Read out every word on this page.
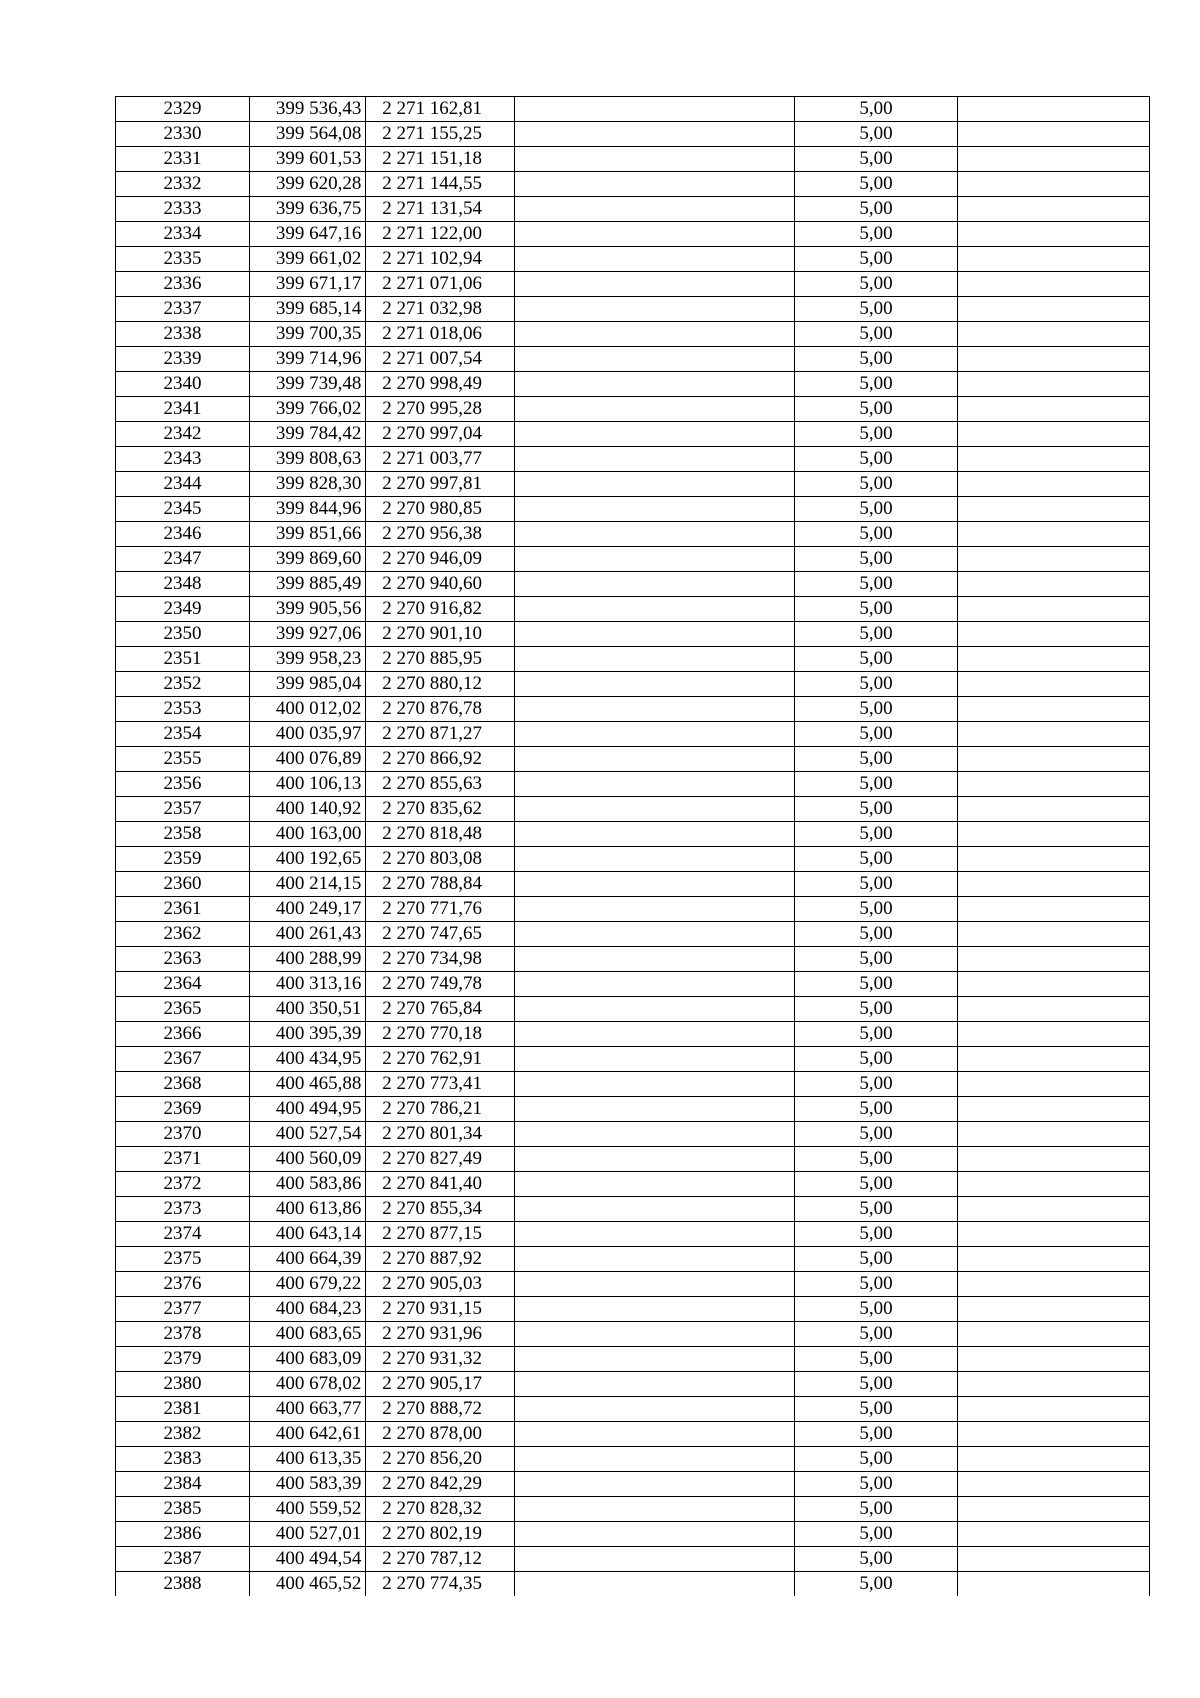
2329	399 536,43	2 271 162,81		5,00	
2330	399 564,08	2 271 155,25		5,00	
2331	399 601,53	2 271 151,18		5,00	
2332	399 620,28	2 271 144,55		5,00	
2333	399 636,75	2 271 131,54		5,00	
2334	399 647,16	2 271 122,00		5,00	
2335	399 661,02	2 271 102,94		5,00	
2336	399 671,17	2 271 071,06		5,00	
2337	399 685,14	2 271 032,98		5,00	
2338	399 700,35	2 271 018,06		5,00	
2339	399 714,96	2 271 007,54		5,00	
2340	399 739,48	2 270 998,49		5,00	
2341	399 766,02	2 270 995,28		5,00	
2342	399 784,42	2 270 997,04		5,00	
2343	399 808,63	2 271 003,77		5,00	
2344	399 828,30	2 270 997,81		5,00	
2345	399 844,96	2 270 980,85		5,00	
2346	399 851,66	2 270 956,38		5,00	
2347	399 869,60	2 270 946,09		5,00	
2348	399 885,49	2 270 940,60		5,00	
2349	399 905,56	2 270 916,82		5,00	
2350	399 927,06	2 270 901,10		5,00	
2351	399 958,23	2 270 885,95		5,00	
2352	399 985,04	2 270 880,12		5,00	
2353	400 012,02	2 270 876,78		5,00	
2354	400 035,97	2 270 871,27		5,00	
2355	400 076,89	2 270 866,92		5,00	
2356	400 106,13	2 270 855,63		5,00	
2357	400 140,92	2 270 835,62		5,00	
2358	400 163,00	2 270 818,48		5,00	
2359	400 192,65	2 270 803,08		5,00	
2360	400 214,15	2 270 788,84		5,00	
2361	400 249,17	2 270 771,76		5,00	
2362	400 261,43	2 270 747,65		5,00	
2363	400 288,99	2 270 734,98		5,00	
2364	400 313,16	2 270 749,78		5,00	
2365	400 350,51	2 270 765,84		5,00	
2366	400 395,39	2 270 770,18		5,00	
2367	400 434,95	2 270 762,91		5,00	
2368	400 465,88	2 270 773,41		5,00	
2369	400 494,95	2 270 786,21		5,00	
2370	400 527,54	2 270 801,34		5,00	
2371	400 560,09	2 270 827,49		5,00	
2372	400 583,86	2 270 841,40		5,00	
2373	400 613,86	2 270 855,34		5,00	
2374	400 643,14	2 270 877,15		5,00	
2375	400 664,39	2 270 887,92		5,00	
2376	400 679,22	2 270 905,03		5,00	
2377	400 684,23	2 270 931,15		5,00	
2378	400 683,65	2 270 931,96		5,00	
2379	400 683,09	2 270 931,32		5,00	
2380	400 678,02	2 270 905,17		5,00	
2381	400 663,77	2 270 888,72		5,00	
2382	400 642,61	2 270 878,00		5,00	
2383	400 613,35	2 270 856,20		5,00	
2384	400 583,39	2 270 842,29		5,00	
2385	400 559,52	2 270 828,32		5,00	
2386	400 527,01	2 270 802,19		5,00	
2387	400 494,54	2 270 787,12		5,00	
2388	400 465,52	2 270 774,35		5,00	
